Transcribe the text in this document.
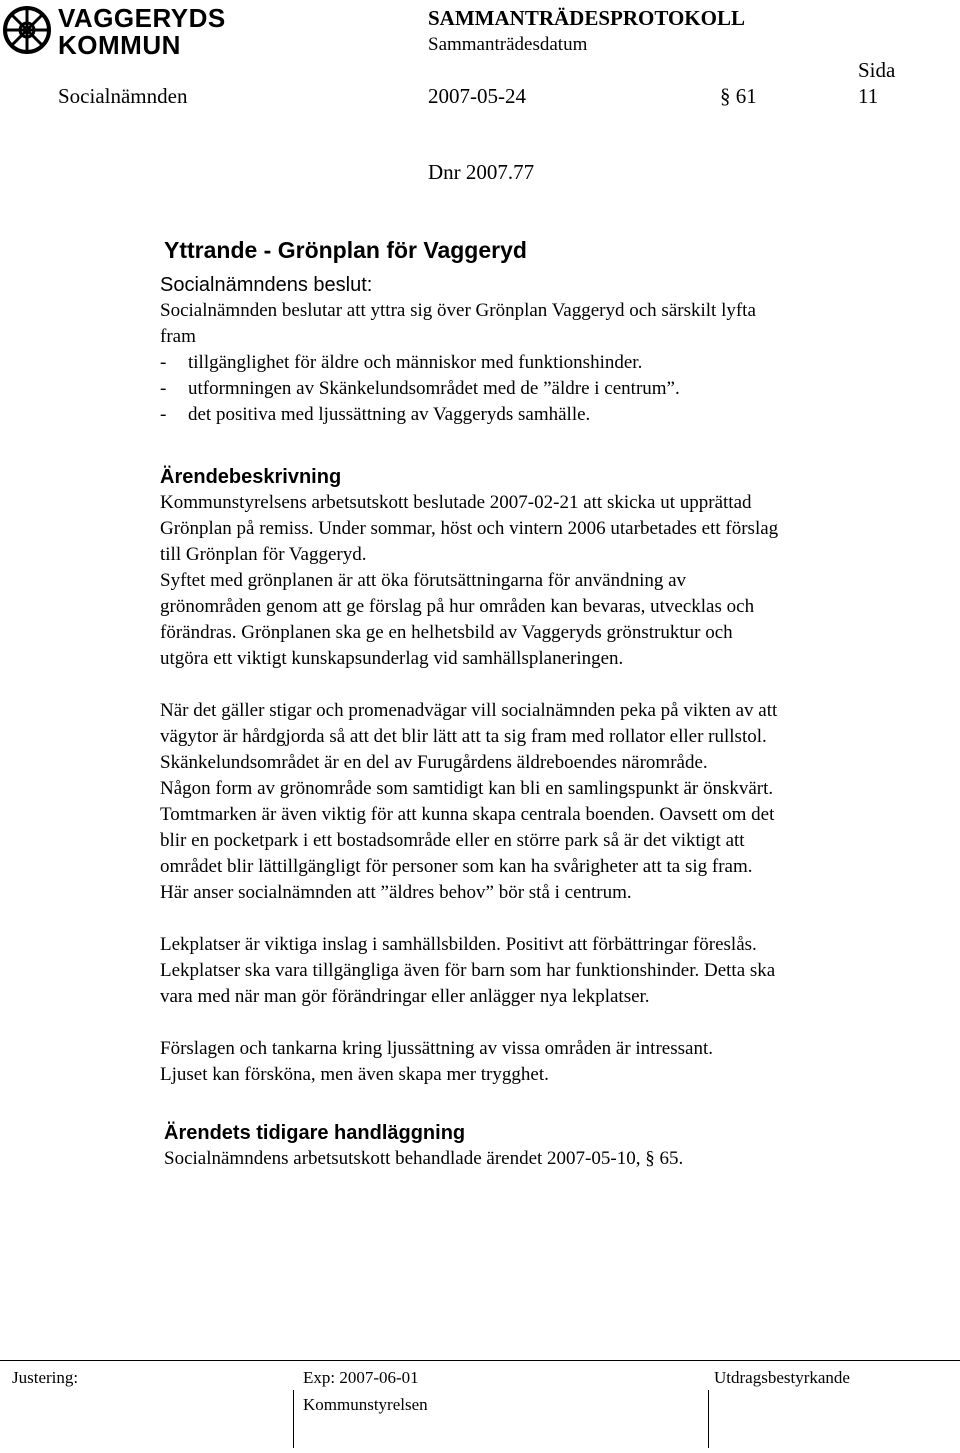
VAGGERYDS
KOMMUN
SAMMANTRÄDESPROTOKOLL
Sammanträdesdatum
Sida
Socialnämnden	2007-05-24	§ 61	11
Dnr 2007.77
Yttrande - Grönplan för Vaggeryd
Socialnämndens beslut:
Socialnämnden beslutar att yttra sig över Grönplan Vaggeryd och särskilt lyfta
fram
-	tillgänglighet för äldre och människor med funktionshinder.
-	utformningen av Skänkelundsområdet med de ”äldre i centrum”.
-	det positiva med ljussättning av Vaggeryds samhälle.
Ärendebeskrivning
Kommunstyrelsens arbetsutskott beslutade 2007-02-21 att skicka ut upprättad
Grönplan på remiss. Under sommar, höst och vintern 2006 utarbetades ett förslag
till Grönplan för Vaggeryd.
Syftet med grönplanen är att öka förutsättningarna för användning av
grönområden genom att ge förslag på hur områden kan bevaras, utvecklas och
förändras. Grönplanen ska ge en helhetsbild av Vaggeryds grönstruktur och
utgöra ett viktigt kunskapsunderlag vid samhällsplaneringen.
När det gäller stigar och promenadvägar vill socialnämnden peka på vikten av att
vägytor är hårdgjorda så att det blir lätt att ta sig fram med rollator eller rullstol.
Skänkelundsområdet är en del av Furugårdens äldreboendes närområde.
Någon form av grönområde som samtidigt kan bli en samlingspunkt är önskvärt.
Tomtmarken är även viktig för att kunna skapa centrala boenden. Oavsett om det
blir en pocketpark i ett bostadsområde eller en större park så är det viktigt att
området blir lättillgängligt för personer som kan ha svårigheter att ta sig fram.
Här anser socialnämnden att ”äldres behov” bör stå i centrum.
Lekplatser är viktiga inslag i samhällsbilden. Positivt att förbättringar föreslås.
Lekplatser ska vara tillgängliga även för barn som har funktionshinder. Detta ska
vara med när man gör förändringar eller anlägger nya lekplatser.
Förslagen och tankarna kring ljussättning av vissa områden är intressant.
Ljuset kan försköna, men även skapa mer trygghet.
Ärendets tidigare handläggning
Socialnämndens arbetsutskott behandlade ärendet 2007-05-10, § 65.
Justering:	Exp: 2007-06-01
Kommunstyrelsen
Utdragsbestyrkande
